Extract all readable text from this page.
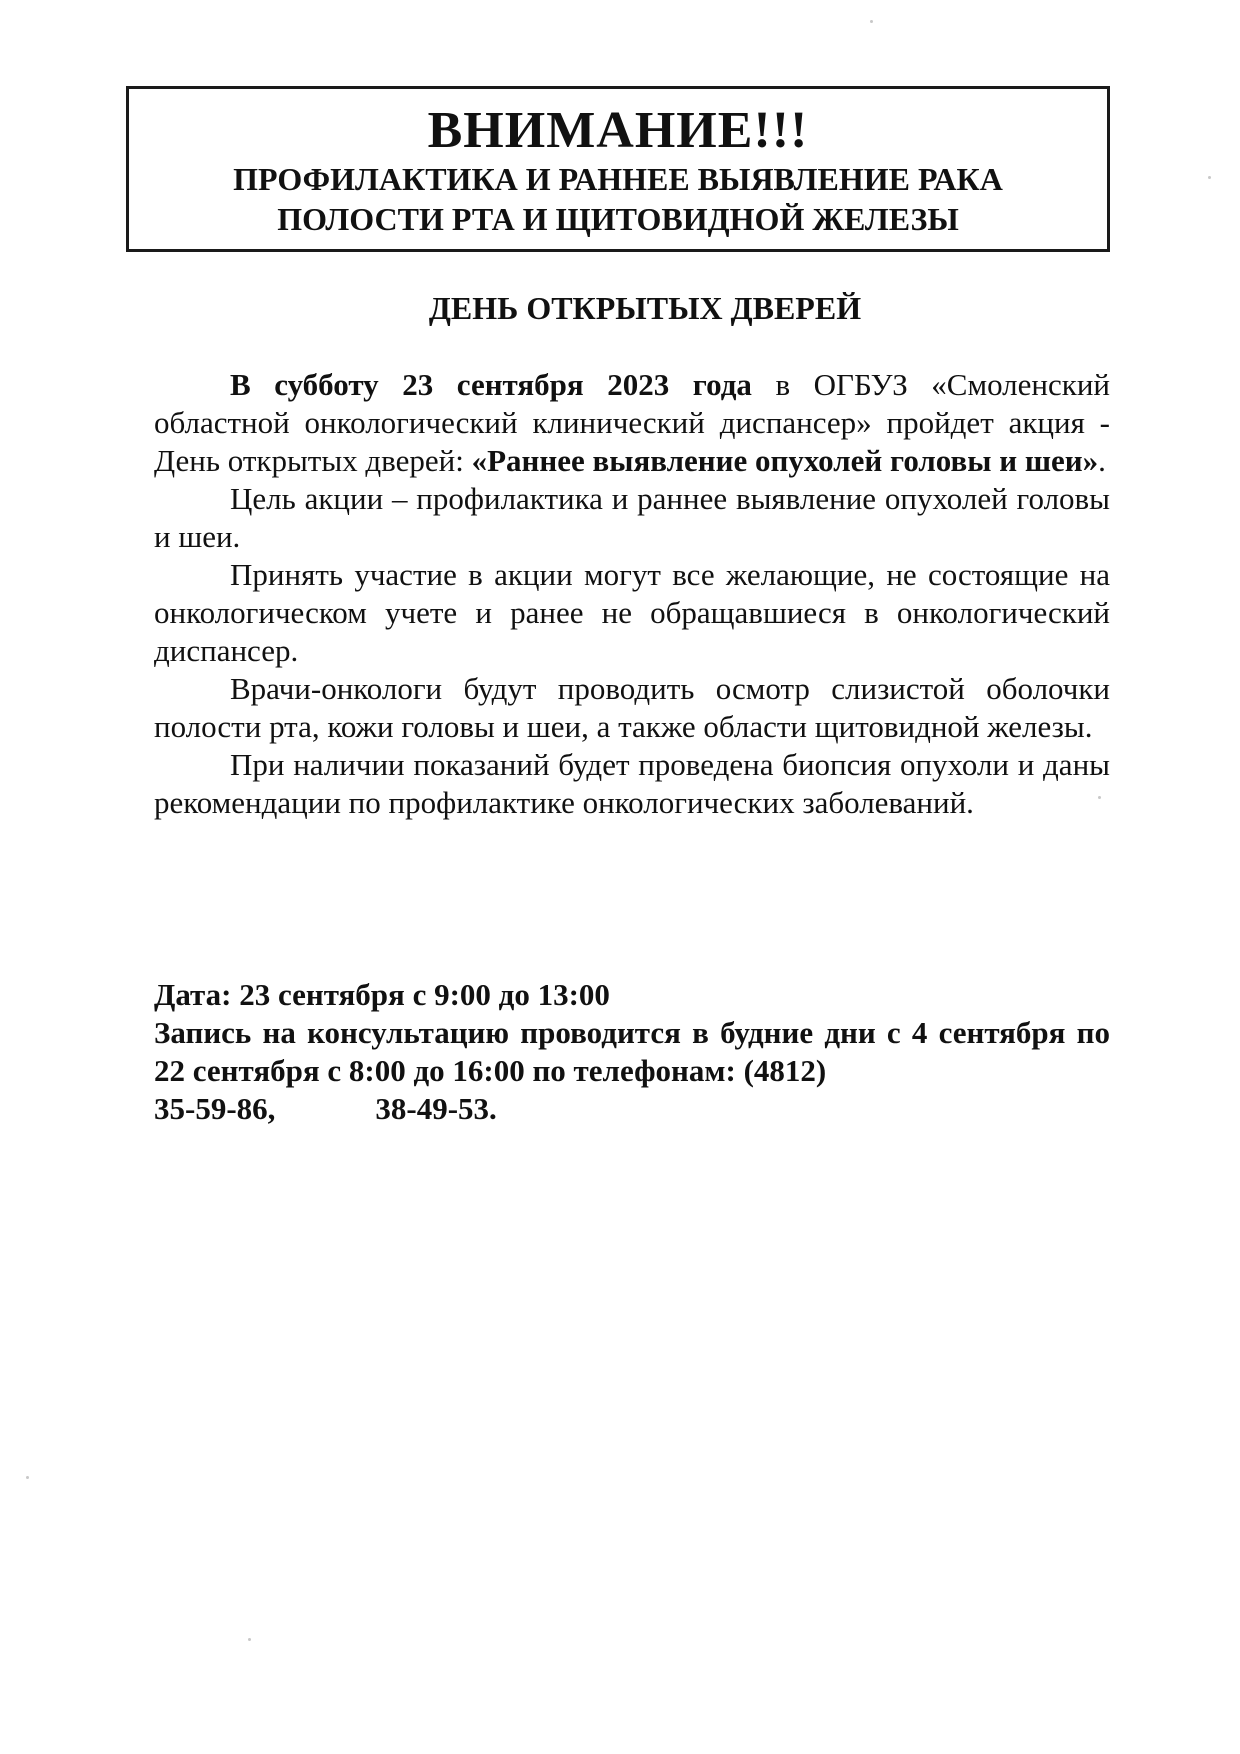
ВНИМАНИЕ!!!
ПРОФИЛАКТИКА И РАННЕЕ ВЫЯВЛЕНИЕ РАКА
ПОЛОСТИ РТА И ЩИТОВИДНОЙ ЖЕЛЕЗЫ
ДЕНЬ ОТКРЫТЫХ ДВЕРЕЙ

В субботу 23 сентября 2023 года в ОГБУЗ «Смоленский областной онкологический клинический диспансер» пройдет акция - День открытых дверей: «Раннее выявление опухолей головы и шеи».

Цель акции – профилактика и раннее выявление опухолей головы и шеи.

Принять участие в акции могут все желающие, не состоящие на онкологическом учете и ранее не обращавшиеся в онкологический диспансер.

Врачи-онкологи будут проводить осмотр слизистой оболочки полости рта, кожи головы и шеи, а также области щитовидной железы.

При наличии показаний будет проведена биопсия опухоли и даны рекомендации по профилактике онкологических заболеваний.

Дата: 23 сентября с 9:00 до 13:00

Запись на консультацию проводится в будние дни с 4 сентября по 22 сентября с 8:00 до 16:00 по телефонам: (4812)

35-59-86,	38-49-53.
